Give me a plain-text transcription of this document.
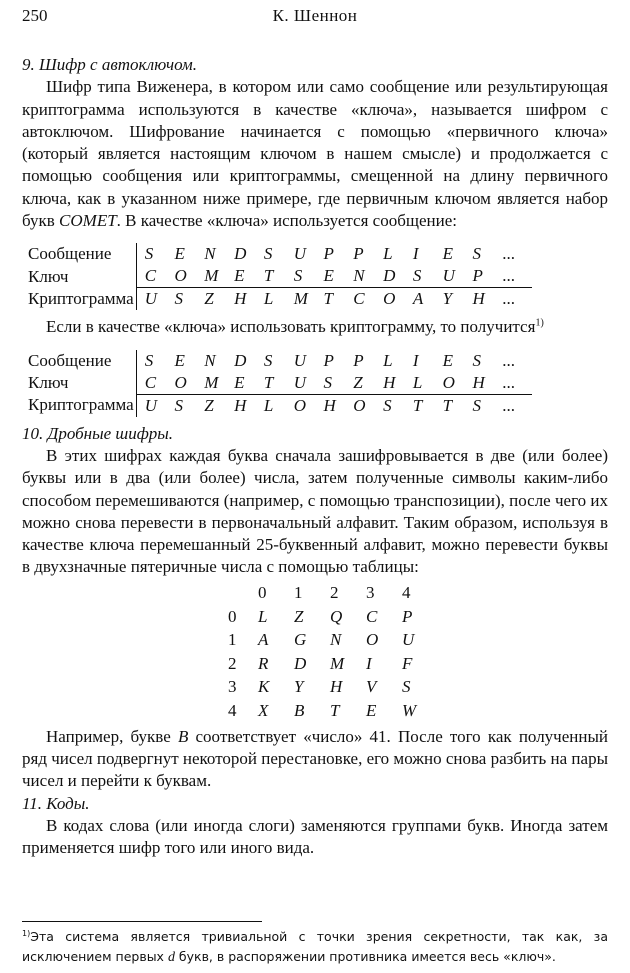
250	К. Шеннон

9. Шифр с автоключом.

Шифр типа Виженера, в котором или само сообщение или результирующая криптограмма используются в качестве «ключа», называется шифром с автоключом. Шифрование начинается с помощью «первичного ключа» (который является настоящим ключом в нашем смысле) и продолжается с помощью сообщения или криптограммы, смещенной на длину первичного ключа, как в указанном ниже примере, где первичным ключом является набор букв COMET. В качестве «ключа» используется сообщение:

Сообщение	S E N D S U P P L I E S ...
Ключ	C O M E T S E N D S U P ...
Криптограмма	U S Z H L M T C O A Y H ...

Если в качестве «ключа» использовать криптограмму, то получится$^{1)}$

Сообщение	S E N D S U P P L I E S ...
Ключ	C O M E T U S Z H L O H ...
Криптограмма	U S Z H L O H O S T T S ...

10. Дробные шифры.

В этих шифрах каждая буква сначала зашифровывается в две (или более) буквы или в два (или более) числа, затем полученные символы каким-либо способом перемешиваются (например, с помощью транспозиции), после чего их можно снова перевести в первоначальный алфавит. Таким образом, используя в качестве ключа перемешанный 25-буквенный алфавит, можно перевести буквы в двухзначные пятеричные числа с помощью таблицы:

	0	1	2	3	4
0	L	Z	Q	C	P
1	A	G	N	O	U
2	R	D	M	I	F
3	K	Y	H	V	S
4	X	B	T	E	W

Например, букве B соответствует «число» 41. После того как полученный ряд чисел подвергнут некоторой перестановке, его можно снова разбить на пары чисел и перейти к буквам.

11. Коды.

В кодах слова (или иногда слоги) заменяются группами букв. Иногда затем применяется шифр того или иного вида.

$^{1)}$Эта система является тривиальной с точки зрения секретности, так как, за исключением первых d букв, в распоряжении противника имеется весь «ключ».
